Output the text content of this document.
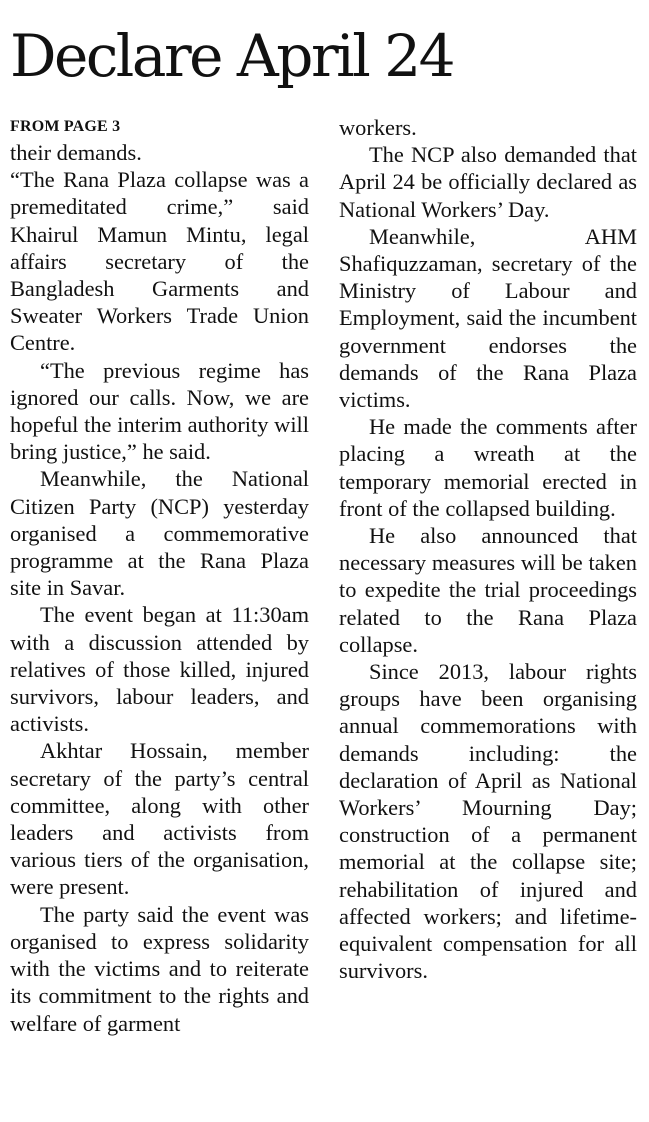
Declare April 24
FROM PAGE 3

their demands.

“The Rana Plaza collapse was a premeditated crime,” said Khairul Mamun Mintu, legal affairs secretary of the Bangladesh Garments and Sweater Workers Trade Union Centre.

“The previous regime has ignored our calls. Now, we are hopeful the interim authority will bring justice,” he said.

Meanwhile, the National Citizen Party (NCP) yesterday organised a commemorative programme at the Rana Plaza site in Savar.

The event began at 11:30am with a discussion attended by relatives of those killed, injured survivors, labour leaders, and activists.

Akhtar Hossain, member secretary of the party’s central committee, along with other leaders and activists from various tiers of the organisation, were present.

The party said the event was organised to express solidarity with the victims and to reiterate its commitment to the rights and welfare of garment

workers.

The NCP also demanded that April 24 be officially declared as National Workers’ Day.

Meanwhile, AHM Shafiquzzaman, secretary of the Ministry of Labour and Employment, said the incumbent government endorses the demands of the Rana Plaza victims.

He made the comments after placing a wreath at the temporary memorial erected in front of the collapsed building.

He also announced that necessary measures will be taken to expedite the trial proceedings related to the Rana Plaza collapse.

Since 2013, labour rights groups have been organising annual commemorations with demands including: the declaration of April as National Workers’ Mourning Day; construction of a permanent memorial at the collapse site; rehabilitation of injured and affected workers; and lifetime-equivalent compensation for all survivors.
